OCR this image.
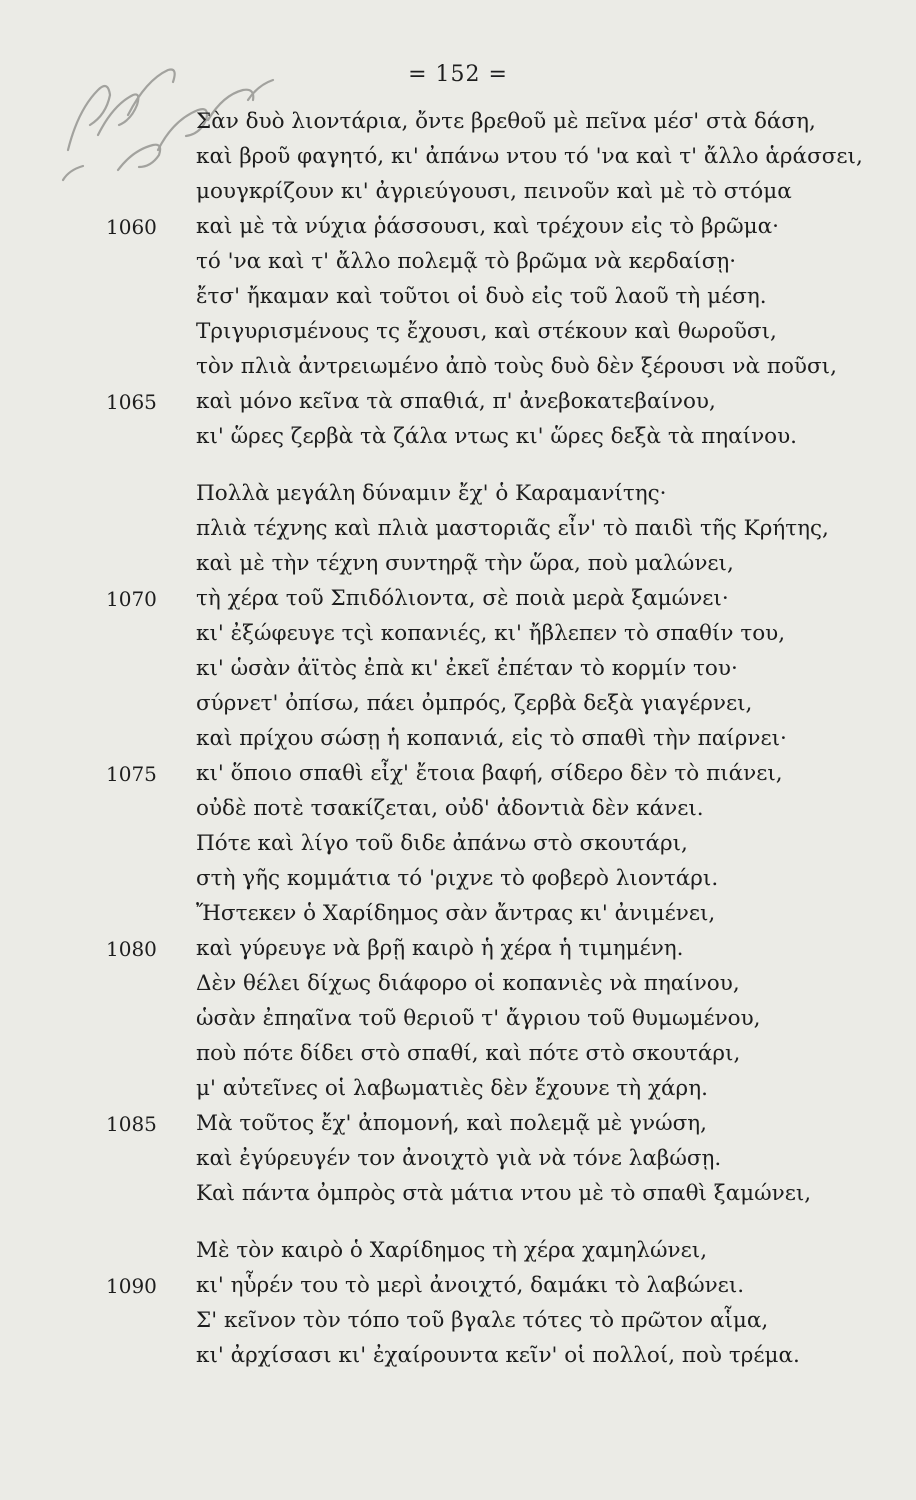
= 152 =
Σὰν δυὸ λιοντάρια, ὄντε βρεθοῦ μὲ πεῖνα μέσ' στὰ δάση,
καὶ βροῦ φαγητό, κι' ἀπάνω ντου τό 'να καὶ τ' ἄλλο ἁράσσει,
μουγκρίζουν κι' ἀγριεύγουσι, πεινοῦν καὶ μὲ τὸ στόμα
1060	καὶ μὲ τὰ νύχια ῥάσσουσι, καὶ τρέχουν εἰς τὸ βρῶμα·
τό 'να καὶ τ' ἄλλο πολεμᾷ τὸ βρῶμα νὰ κερδαίσῃ·
ἔτσ' ἤκαμαν καὶ τοῦτοι οἱ δυὸ εἰς τοῦ λαοῦ τὴ μέση.
Τριγυρισμένους τς ἔχουσι, καὶ στέκουν καὶ θωροῦσι,
τὸν πλιὰ ἀντρειωμένο ἀπὸ τοὺς δυὸ δὲν ξέρουσι νὰ ποῦσι,
1065	καὶ μόνο κεῖνα τὰ σπαθιά, π' ἀνεβοκατεβαίνου,
κι' ὥρες ζερβὰ τὰ ζάλα ντως κι' ὥρες δεξὰ τὰ πηαίνου.
Πολλὰ μεγάλη δύναμιν ἔχ' ὁ Καραμανίτης·
πλιὰ τέχνης καὶ πλιὰ μαστοριᾶς εἶν' τὸ παιδὶ τῆς Κρήτης,
καὶ μὲ τὴν τέχνη συντηρᾷ τὴν ὥρα, ποὺ μαλώνει,
1070	τὴ χέρα τοῦ Σπιδόλιοντα, σὲ ποιὰ μερὰ ξαμώνει·
κι' ἐξώφευγε τςὶ κοπανιές, κι' ἤβλεπεν τὸ σπαθίν του,
κι' ὡσὰν ἀϊτὸς ἐπὰ κι' ἐκεῖ ἐπέταν τὸ κορμίν του·
σύρνετ' ὀπίσω, πάει ὀμπρός, ζερβὰ δεξὰ γιαγέρνει,
καὶ πρίχου σώσῃ ἡ κοπανιά, εἰς τὸ σπαθὶ τὴν παίρνει·
1075	κι' ὅποιο σπαθὶ εἶχ' ἔτοια βαφή, σίδερο δὲν τὸ πιάνει,
οὐδὲ ποτὲ τσακίζεται, οὐδ' ἀδοντιὰ δὲν κάνει.
Πότε καὶ λίγο τοῦ διδε ἀπάνω στὸ σκουτάρι,
στὴ γῆς κομμάτια τό 'ριχνε τὸ φοβερὸ λιοντάρι.
Ἤστεκεν ὁ Χαρίδημος σὰν ἄντρας κι' ἀνιμένει,
1080	καὶ γύρευγε νὰ βρῇ καιρὸ ἡ χέρα ἡ τιμημένη.
Δὲν θέλει δίχως διάφορο οἱ κοπανιὲς νὰ πηαίνου,
ὡσὰν ἐπηαῖνα τοῦ θεριοῦ τ' ἄγριου τοῦ θυμωμένου,
ποὺ πότε δίδει στὸ σπαθί, καὶ πότε στὸ σκουτάρι,
μ' αὐτεῖνες οἱ λαβωματιὲς δὲν ἔχουνε τὴ χάρη.
1085	Μὰ τοῦτος ἔχ' ἀπομονή, καὶ πολεμᾷ μὲ γνώση,
καὶ ἐγύρευγέν τον ἀνοιχτὸ γιὰ νὰ τόνε λαβώσῃ.
Καὶ πάντα ὀμπρὸς στὰ μάτια ντου μὲ τὸ σπαθὶ ξαμώνει,
Μὲ τὸν καιρὸ ὁ Χαρίδημος τὴ χέρα χαμηλώνει,
1090	κι' ηὗρέν του τὸ μερὶ ἀνοιχτό, δαμάκι τὸ λαβώνει.
Σ' κεῖνον τὸν τόπο τοῦ βγαλε τότες τὸ πρῶτον αἷμα,
κι' ἀρχίσασι κι' ἐχαίρουντα κεῖν' οἱ πολλοί, ποὺ τρέμα.
